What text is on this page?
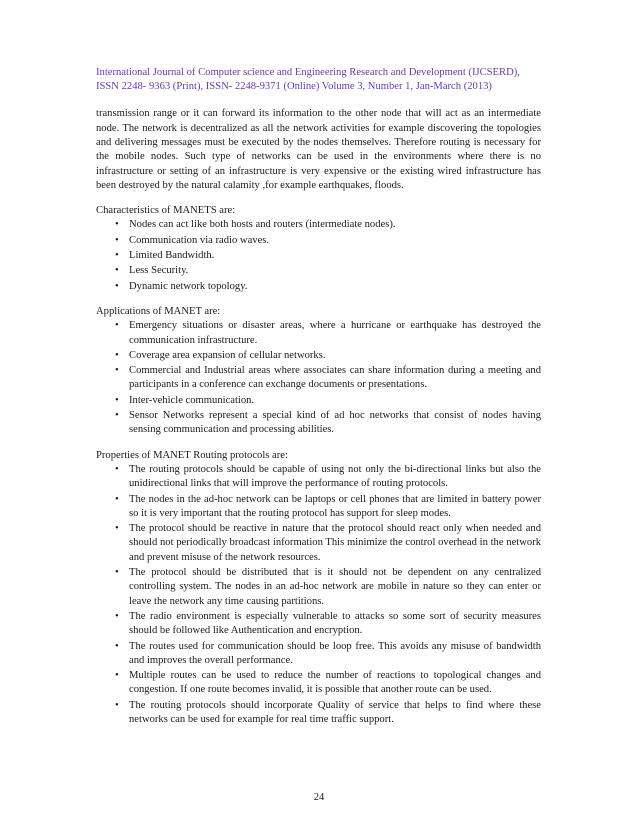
International Journal of Computer science and Engineering Research and Development (IJCSERD),

ISSN 2248- 9363 (Print), ISSN- 2248-9371 (Online) Volume 3, Number 1, Jan-March (2013)

transmission range or it can forward its information to the other node that will act as an intermediate node. The network is decentralized as all the network activities for example discovering the topologies and delivering messages must be executed by the nodes themselves. Therefore routing is necessary for the mobile nodes. Such type of networks can be used in the environments where there is no infrastructure or setting of an infrastructure is very expensive or the existing wired infrastructure has been destroyed by the natural calamity ,for example earthquakes, floods.

Characteristics of MANETS are:

• Nodes can act like both hosts and routers (intermediate nodes).
• Communication via radio waves.
• Limited Bandwidth.
• Less Security.
• Dynamic network topology.

Applications of MANET are:

• Emergency situations or disaster areas, where a hurricane or earthquake has destroyed the communication infrastructure.
• Coverage area expansion of cellular networks.
• Commercial and Industrial areas where associates can share information during a meeting and participants in a conference can exchange documents or presentations.
• Inter-vehicle communication.
• Sensor Networks represent a special kind of ad hoc networks that consist of nodes having sensing communication and processing abilities.

Properties of MANET Routing protocols are:

• The routing protocols should be capable of using not only the bi-directional links but also the unidirectional links that will improve the performance of routing protocols.
• The nodes in the ad-hoc network can be laptops or cell phones that are limited in battery power so it is very important that the routing protocol has support for sleep modes.
• The protocol should be reactive in nature that the protocol should react only when needed and should not periodically broadcast information This minimize the control overhead in the network and prevent misuse of the network resources.
• The protocol should be distributed that is it should not be dependent on any centralized controlling system. The nodes in an ad-hoc network are mobile in nature so they can enter or leave the network any time causing partitions.
• The radio environment is especially vulnerable to attacks so some sort of security measures should be followed like Authentication and encryption.
• The routes used for communication should be loop free. This avoids any misuse of bandwidth and improves the overall performance.
• Multiple routes can be used to reduce the number of reactions to topological changes and congestion. If one route becomes invalid, it is possible that another route can be used.
• The routing protocols should incorporate Quality of service that helps to find where these networks can be used for example for real time traffic support.
24
